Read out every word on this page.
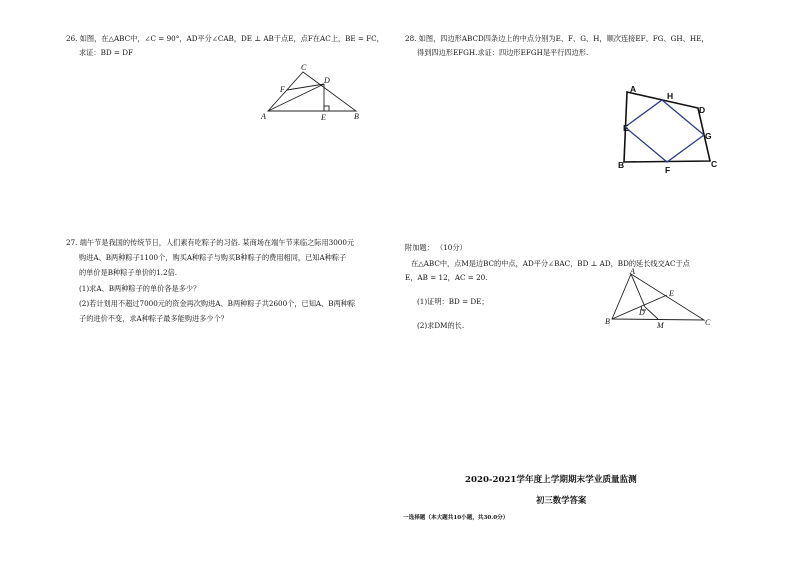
26. 如图，在△ABC中，∠C = 90°，AD平分∠CAB，DE ⊥ AB于点E，点F在AC上，BE = FC，
求证：BD = DF
A	B
C
D
E
F
28. 如图，四边形ABCD四条边上的中点分别为E、F、G、H，顺次连接EF、FG、GH、HE，
得到四边形EFGH.求证：四边形EFGH是平行四边形.
A
B	C
D
E
F
G
H
27. 端午节是我国的传统节日，人们素有吃粽子的习俗. 某商场在端午节来临之际用3000元
购进A、B两种粽子1100个，购买A种粽子与购买B种粽子的费用相同，已知A种粽子
的单价是B种粽子单价的1.2倍.
(1)求A、B两种粽子的单价各是多少？
(2)若计划用不超过7000元的资金再次购进A、B两种粽子共2600个，已知A、B两种粽
子的进价不变，求A种粽子最多能购进多少个？
附加题： （10分）
在△ABC中，点M是边BC的中点，AD平分∠BAC，BD ⊥ AD，BD的延长线交AC于点
E，AB = 12，AC = 20.
(1)证明：BD = DE；
(2)求DM的长.
A
B	C
D
E
M
2020-2021学年度上学期期末学业质量监测
初三数学答案
一选择题（本大题共10小题，共30.0分）
